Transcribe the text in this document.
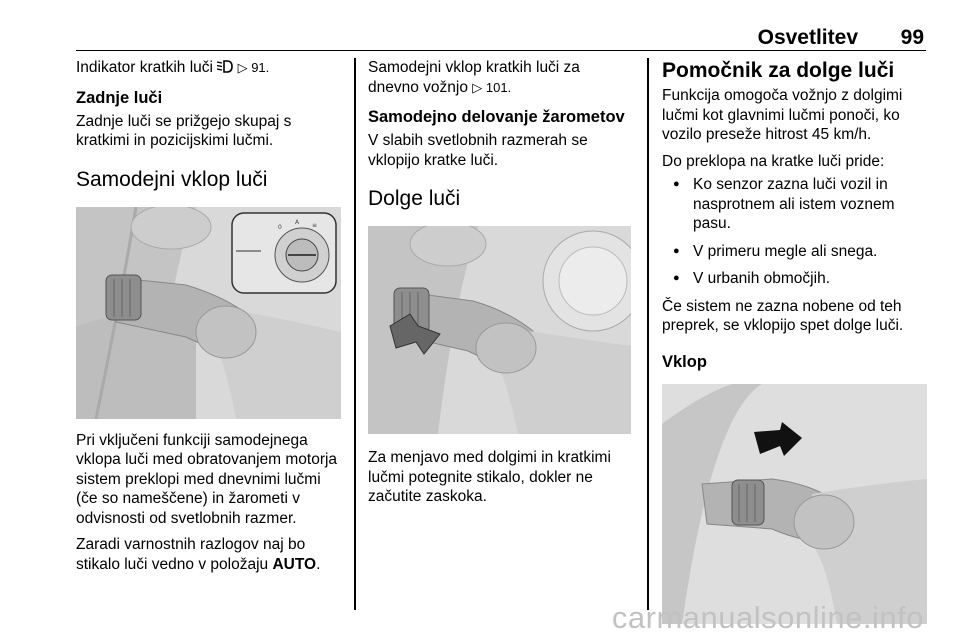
Osvetlitev 99

Indikator kratkih luči  ▷ 91.

Zadnje luči

Zadnje luči se prižgejo skupaj s kratkimi in pozicijskimi lučmi.

Samodejni vklop luči
0
A ≡

Pri vključeni funkciji samodejnega vklopa luči med obratovanjem motorja sistem preklopi med dnevnimi lučmi (če so nameščene) in žarometi v odvisnosti od svetlobnih razmer.

Zaradi varnostnih razlogov naj bo stikalo luči vedno v položaju AUTO.

Samodejni vklop kratkih luči za dnevno vožnjo ▷ 101.

Samodejno delovanje žarometov

V slabih svetlobnih razmerah se vklopijo kratke luči.

Dolge luči

Za menjavo med dolgimi in kratkimi lučmi potegnite stikalo, dokler ne začutite zaskoka.

Pomočnik za dolge luči

Funkcija omogoča vožnjo z dolgimi lučmi kot glavnimi lučmi ponoči, ko vozilo preseže hitrost 45 km/h.

Do preklopa na kratke luči pride:

● Ko senzor zazna luči vozil in nasprotnem ali istem voznem pasu.
● V primeru megle ali snega.
● V urbanih območjih.

Če sistem ne zazna nobene od teh preprek, se vklopijo spet dolge luči.

Vklop
carmanualsonline.info
